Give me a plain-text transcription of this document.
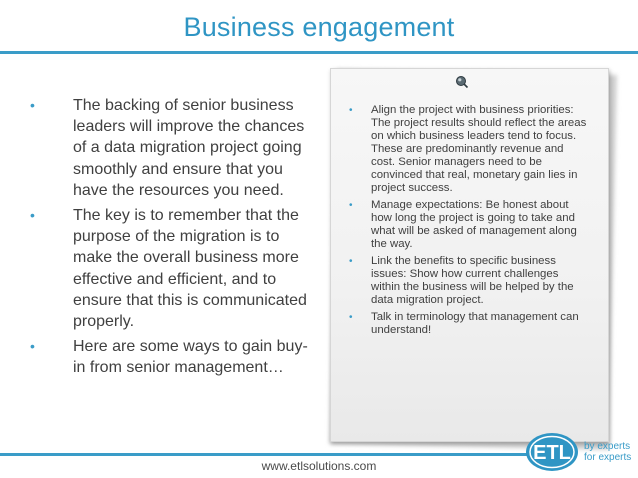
Business engagement
• The backing of senior business leaders will improve the chances of a data migration project going smoothly and ensure that you have the resources you need.
• The key is to remember that the purpose of the migration is to make the overall business more effective and efficient, and to ensure that this is communicated properly.
• Here are some ways to gain buy-in from senior management…
• Align the project with business priorities: The project results should reflect the areas on which business leaders tend to focus. These are predominantly revenue and cost. Senior managers need to be convinced that real, monetary gain lies in project success.
• Manage expectations: Be honest about how long the project is going to take and what will be asked of management along the way.
• Link the benefits to specific business issues: Show how current challenges within the business will be helped by the data migration project.
• Talk in terminology that management can understand!
www.etlsolutions.com
ETL by experts
for experts
